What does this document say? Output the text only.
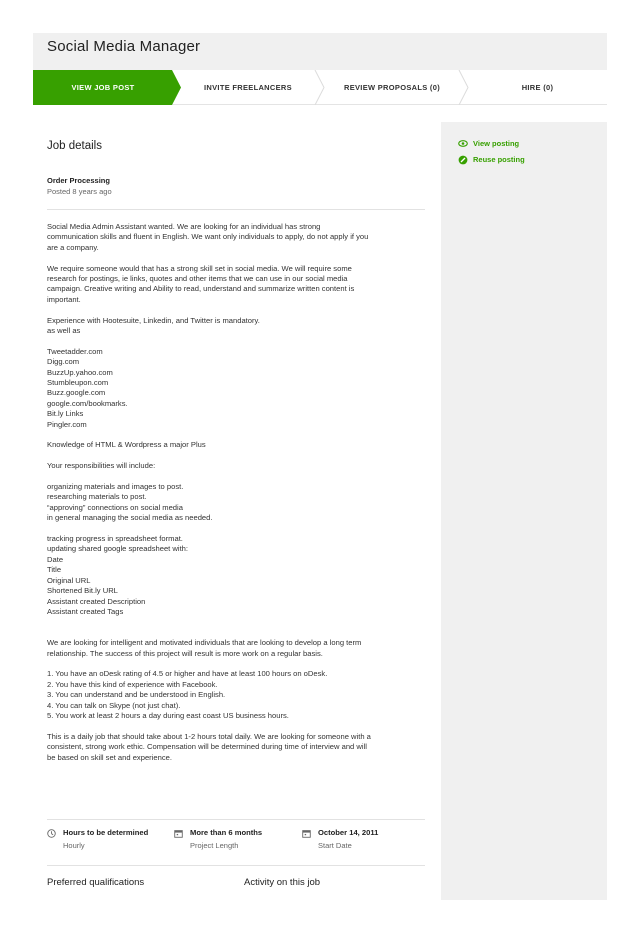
Social Media Manager
VIEW JOB POST	INVITE FREELANCERS	REVIEW PROPOSALS (0)	HIRE (0)
Job details
Order Processing
Posted 8 years ago

Social Media Admin Assistant wanted. We are looking for an individual has strong
communication skills and fluent in English. We want only individuals to apply, do not apply if you
are a company.

We require someone would that has a strong skill set in social media. We will require some
research for postings, ie links, quotes and other items that we can use in our social media
campaign. Creative writing and Ability to read, understand and summarize written content is
important.

Experience with Hootesuite, Linkedin, and Twitter is mandatory.
as well as

Tweetadder.com
Digg.com
BuzzUp.yahoo.com
Stumbleupon.com
Buzz.google.com
google.com/bookmarks.
Bit.ly Links
Pingler.com

Knowledge of HTML & Wordpress a major Plus

Your responsibilities will include:

organizing materials and images to post.
researching materials to post.
“approving” connections on social media
in general managing the social media as needed.

tracking progress in spreadsheet format.
updating shared google spreadsheet with:
Date
Title
Original URL
Shortened Bit.ly URL
Assistant created Description
Assistant created Tags

We are looking for intelligent and motivated individuals that are looking to develop a long term
relationship. The success of this project will result is more work on a regular basis.

1. You have an oDesk rating of 4.5 or higher and have at least 100 hours on oDesk.
2. You have this kind of experience with Facebook.
3. You can understand and be understood in English.
4. You can talk on Skype (not just chat).
5. You work at least 2 hours a day during east coast US business hours.

This is a daily job that should take about 1-2 hours total daily. We are looking for someone with a
consistent, strong work ethic. Compensation will be determined during time of interview and will
be based on skill set and experience.

Hours to be determined
Hourly
More than 6 months
Project Length
October 14, 2011
Start Date
Preferred qualifications	Activity on this job
View posting
Reuse posting
